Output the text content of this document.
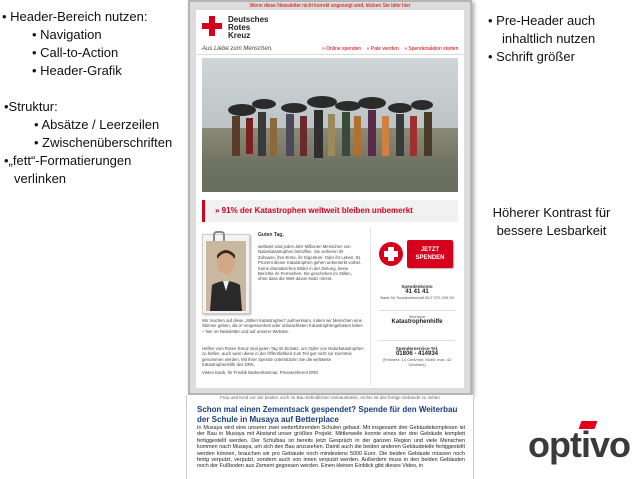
• Header-Bereich nutzen:
• Navigation
• Call-to-Action
• Header-Grafik
•Struktur:
• Absätze / Leerzeilen
• Zwischenüberschriften
•„fett“-Formatierungen
verlinken
• Pre-Header auch
inhaltlich nutzen
• Schrift größer
Höherer Kontrast für
bessere Lesbarkeit
Wenn diese Newsletter nicht korrekt angezeigt wird, klicken Sie bitte hier
Deutsches
Rotes
Kreuz
Aus Liebe zum Menschen.	» Online spenden » Pate werden » Spendenaktion starten
» 91% der Katastrophen weltweit bleiben unbemerkt
Guten Tag,
weltweit sind jedes Jahr Millionen Menschen von Naturkatastrophen betroffen. Sie verlieren ihr Zuhause, ihre Ernte, ihr Eigentum. Oder ihr Leben. 91 Prozent dieser Katastrophen gehen unbemerkt vorbei. Keine dramatischen Bilder in der Zeitung, keine Berichte im Fernsehen. Sie geschehen im Stillen, ohne dass die Welt davon Notiz nimmt.
Wir machen auf diese „Stillen Katastrophen“ aufmerksam, indem wir Menschen eine Stimme geben, die in Vergessenheit oder unbeachteten Katastrophengebieten leben – hier im Newsletter und auf unserer Website.
Helfen vom Roten Kreuz sind jeden Tag im Einsatz, um Opfer von Naturkatastrophen zu helfen, auch wenn diese in der Öffentlichkeit zum Teil gar nicht zur Kenntnis genommen werden. Mit Ihrer Spende unterstützen Sie die weltweite Katastrophenhilfe des DRK.
Vielen Dank, Ihr Fredrik Barkenhammar, Pressereferent DRK
JETZT
SPENDEN
Spendenkonto
41 41 41
Bank für Sozialwirtschaft BLZ 370 205 00
Stichwort
Katastrophenhilfe
Spenderservice-Tel.
01806 - 414934
(Festnetz: 14 Cent/min; Mobil: max. 42 Cent/min)
Frau und Kind vor der beiden noch im Bau befindlichen Gebäudeteile, rechts ist das fertige Gebäude zu sehen
Schon mal einen Zementsack gespendet? Spende für den Weiterbau der Schule in Musaya auf Betterplace
In Musaya wird eine unserer zwei weiterführenden Schulen gebaut. Mit insgesamt drei Gebäudekomplexen ist der Bau in Musaya mit Abstand unser größtes Projekt. Mittlerweile konnte eines der drei Gebäude komplett fertiggestellt werden. Der Schulbau ist bereits jetzt Gespräch in der ganzen Region und viele Menschen kommen nach Musaya, um sich den Bau anzusehen. Damit auch die beiden anderen Gebäudeteile fertiggestellt werden können, brauchen wir pro Gebäude noch mindestens 5000 Euro. Die beiden Gebäude müssen noch fertig verputzt, verputzt, sondern auch von innen verputzt werden. Außerdem muss in den beiden Gebäuden noch der Fußboden aus Zement gegossen werden. Einen kleinen Einblick gibt dieses Video, in
optivo
